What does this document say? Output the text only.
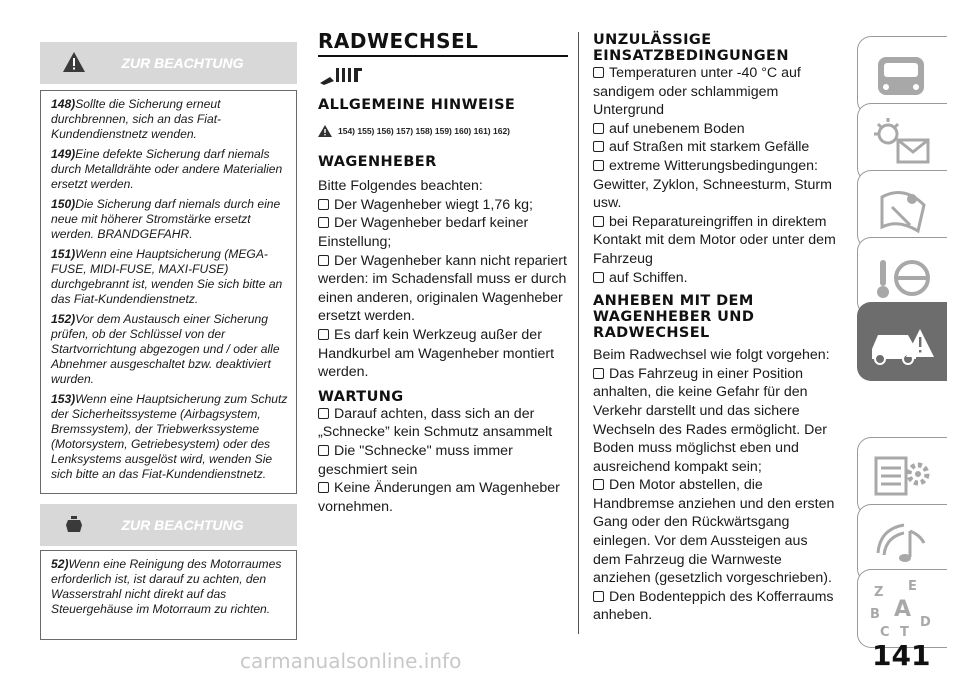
ZUR BEACHTUNG

148)Sollte die Sicherung erneut durchbrennen, sich an das Fiat-Kundendienstnetz wenden.

149)Eine defekte Sicherung darf niemals durch Metalldrähte oder andere Materialien ersetzt werden.

150)Die Sicherung darf niemals durch eine neue mit höherer Stromstärke ersetzt werden. BRANDGEFAHR.

151)Wenn eine Hauptsicherung (MEGA-FUSE, MIDI-FUSE, MAXI-FUSE) durchgebrannt ist, wenden Sie sich bitte an das Fiat-Kundendienstnetz.

152)Vor dem Austausch einer Sicherung prüfen, ob der Schlüssel von der Startvorrichtung abgezogen und / oder alle Abnehmer ausgeschaltet bzw. deaktiviert wurden.

153)Wenn eine Hauptsicherung zum Schutz der Sicherheitssysteme (Airbagsystem, Bremssystem), der Triebwerkssysteme (Motorsystem, Getriebesystem) oder des Lenksystems ausgelöst wird, wenden Sie sich bitte an das Fiat-Kundendienstnetz.

ZUR BEACHTUNG

52)Wenn eine Reinigung des Motorraumes erforderlich ist, ist darauf zu achten, den Wasserstrahl nicht direkt auf das Steuergehäuse im Motorraum zu richten.

RADWECHSEL
ALLGEMEINE HINWEISE
154) 155) 156) 157) 158) 159) 160) 161) 162)
WAGENHEBER

Bitte Folgendes beachten:

Der Wagenheber wiegt 1,76 kg;

Der Wagenheber bedarf keiner Einstellung;

Der Wagenheber kann nicht repariert werden: im Schadensfall muss er durch einen anderen, originalen Wagenheber ersetzt werden.

Es darf kein Werkzeug außer der Handkurbel am Wagenheber montiert werden.

WARTUNG

Darauf achten, dass sich an der „Schnecke” kein Schmutz ansammelt

Die "Schnecke" muss immer geschmiert sein

Keine Änderungen am Wagenheber vornehmen.

UNZULÄSSIGE EINSATZBEDINGUNGEN

Temperaturen unter -40 °C auf sandigem oder schlammigem Untergrund

auf unebenem Boden

auf Straßen mit starkem Gefälle

extreme Witterungsbedingungen: Gewitter, Zyklon, Schneesturm, Sturm usw.

bei Reparatureingriffen in direktem Kontakt mit dem Motor oder unter dem Fahrzeug

auf Schiffen.

ANHEBEN MIT DEM WAGENHEBER UND RADWECHSEL

Beim Radwechsel wie folgt vorgehen:

Das Fahrzeug in einer Position anhalten, die keine Gefahr für den Verkehr darstellt und das sichere Wechseln des Rades ermöglicht. Der Boden muss möglichst eben und ausreichend kompakt sein;

Den Motor abstellen, die Handbremse anziehen und den ersten Gang oder den Rückwärtsgang einlegen. Vor dem Aussteigen aus dem Fahrzeug die Warnweste anziehen (gesetzlich vorgeschrieben).

Den Bodenteppich des Kofferraums anheben.

Z E
B A
C T
D
141
carmanualsonline.info
